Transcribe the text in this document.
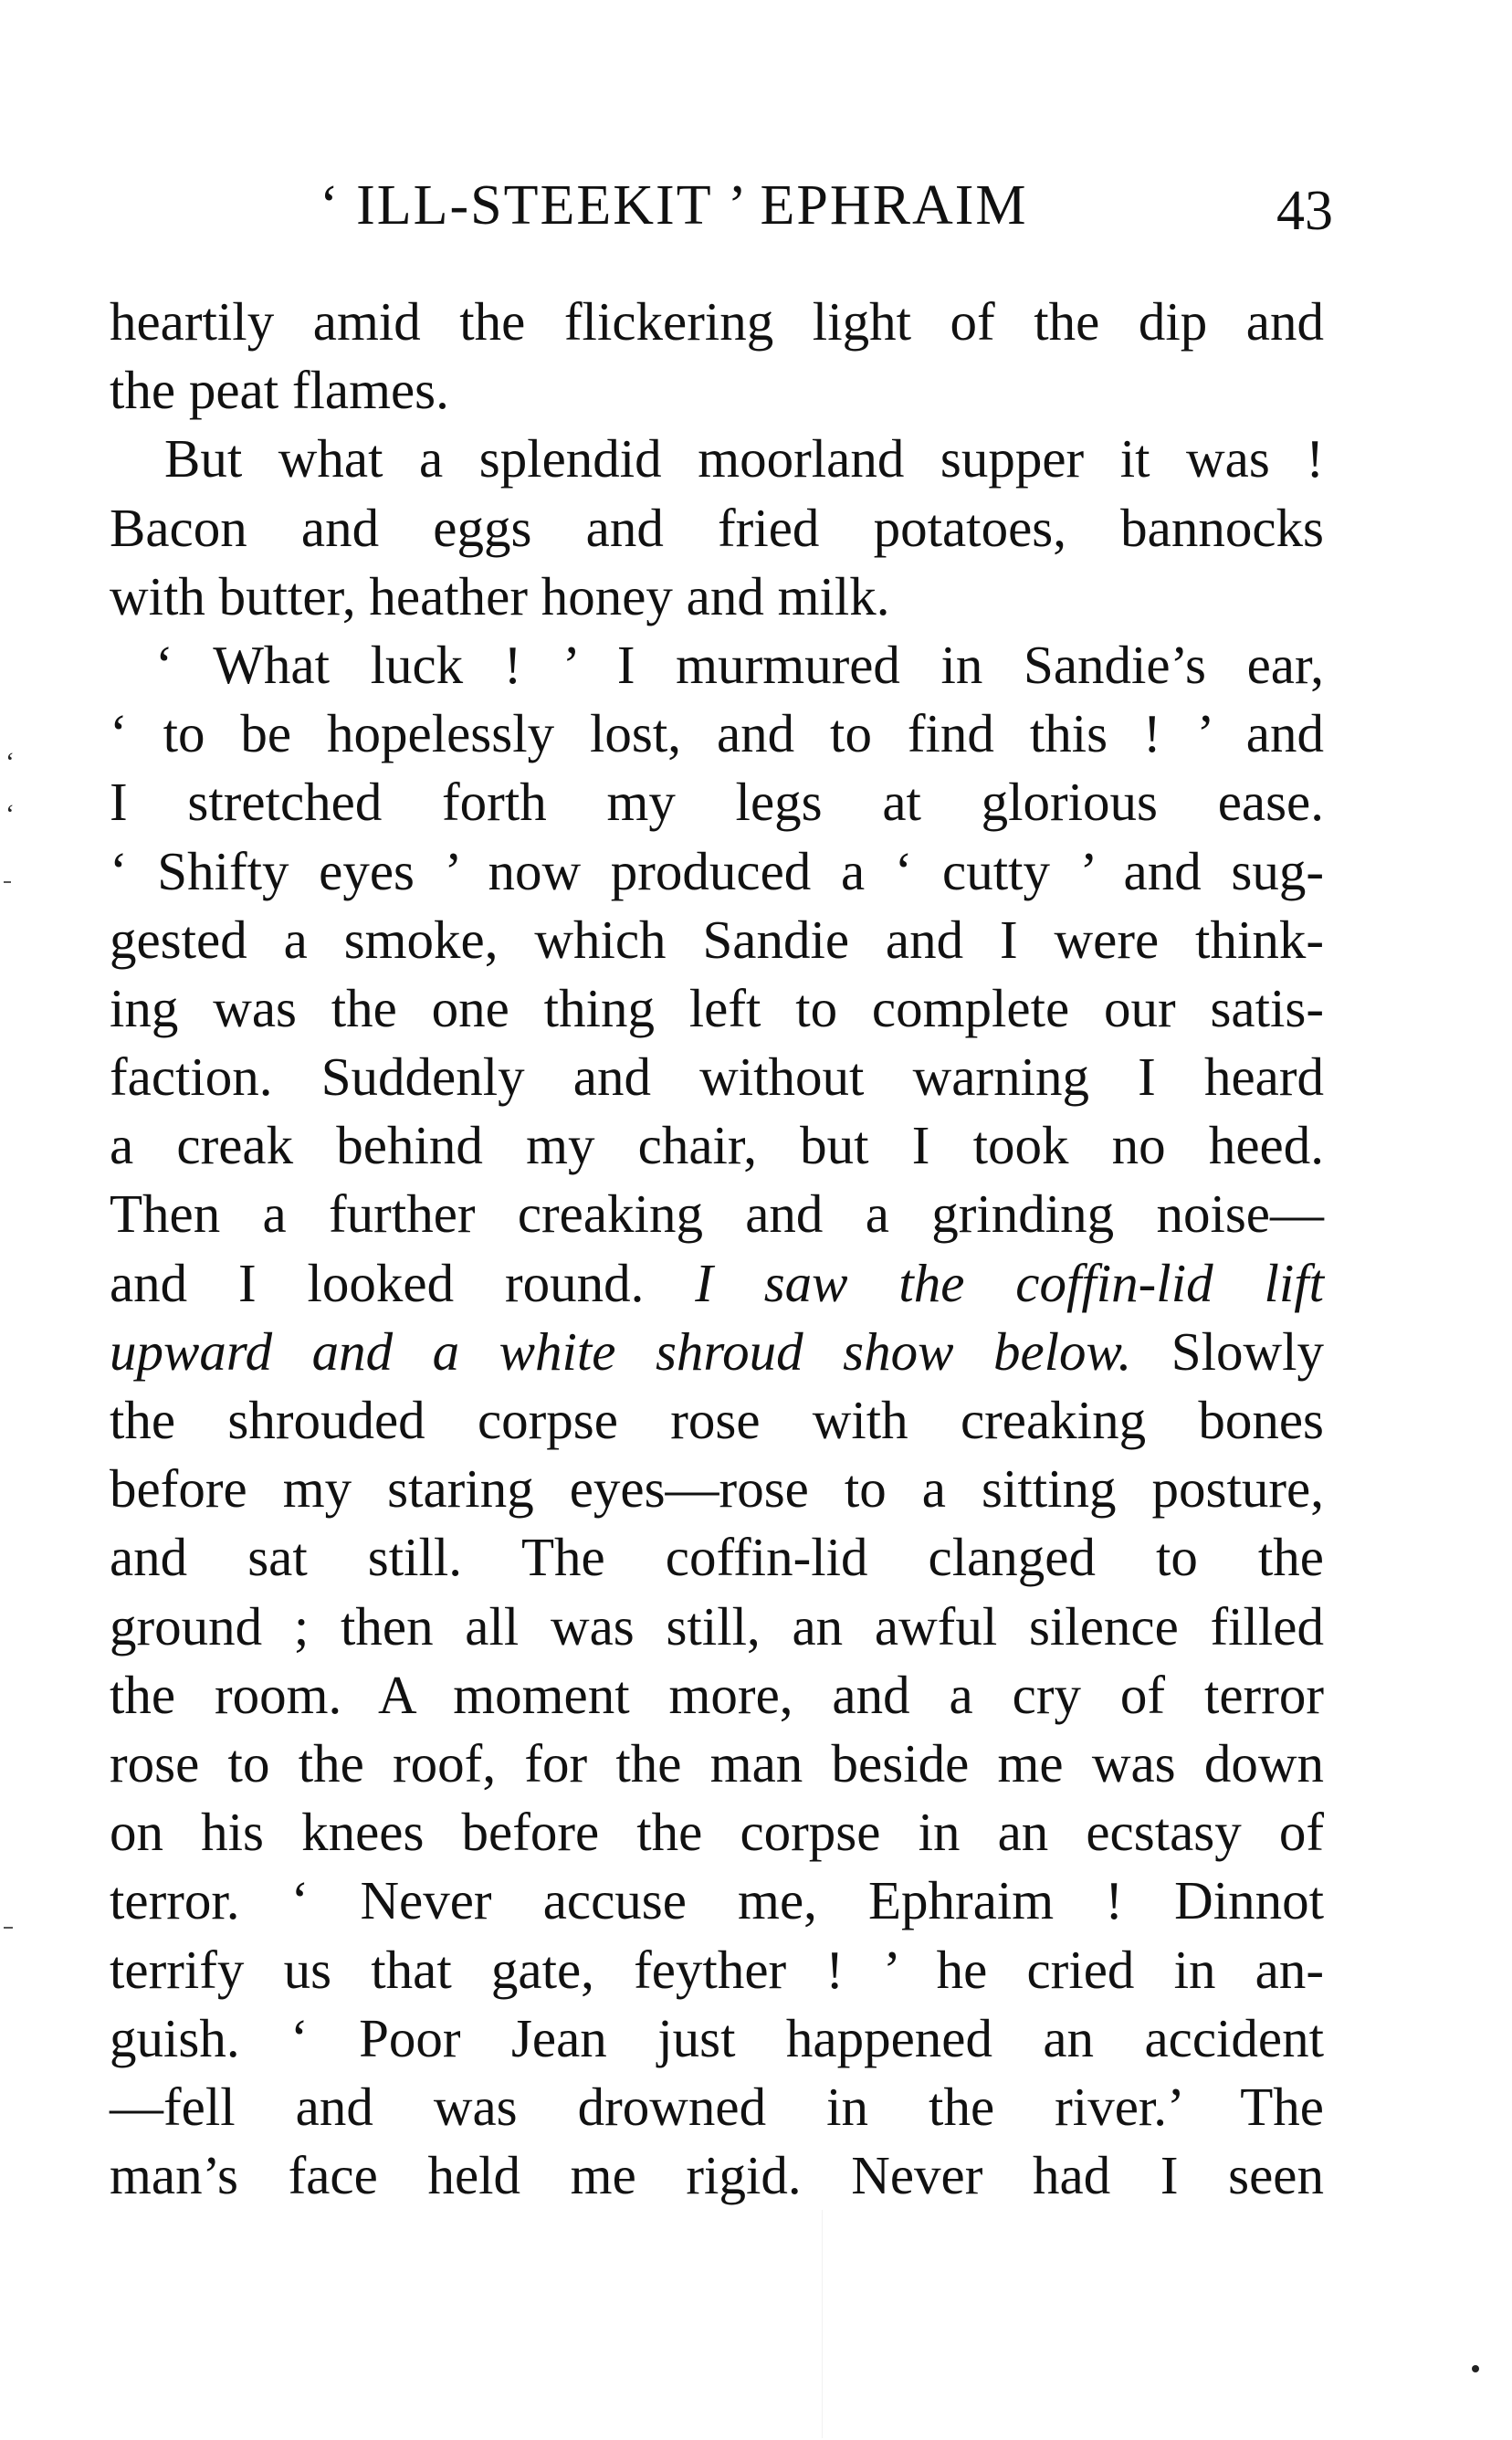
‘ ILL-STEEKIT ’ EPHRAIM	43
heartily amid the flickering light of the dip and
the peat flames.
But what a splendid moorland supper it was !
Bacon and eggs and fried potatoes, bannocks
with butter, heather honey and milk.
‘ What luck ! ’ I murmured in Sandie’s ear,
‘ to be hopelessly lost, and to find this ! ’ and
I stretched forth my legs at glorious ease.
‘ Shifty eyes ’ now produced a ‘ cutty ’ and sug-
gested a smoke, which Sandie and I were think-
ing was the one thing left to complete our satis-
faction. Suddenly and without warning I heard
a creak behind my chair, but I took no heed.
Then a further creaking and a grinding noise—
and I looked round. I saw the coffin-lid lift
upward and a white shroud show below. Slowly
the shrouded corpse rose with creaking bones
before my staring eyes—rose to a sitting posture,
and sat still. The coffin-lid clanged to the
ground ; then all was still, an awful silence filled
the room. A moment more, and a cry of terror
rose to the roof, for the man beside me was down
on his knees before the corpse in an ecstasy of
terror. ‘ Never accuse me, Ephraim ! Dinnot
terrify us that gate, feyther ! ’ he cried in an-
guish. ‘ Poor Jean just happened an accident
—fell and was drowned in the river.’ The
man’s face held me rigid. Never had I seen
‘
‘
